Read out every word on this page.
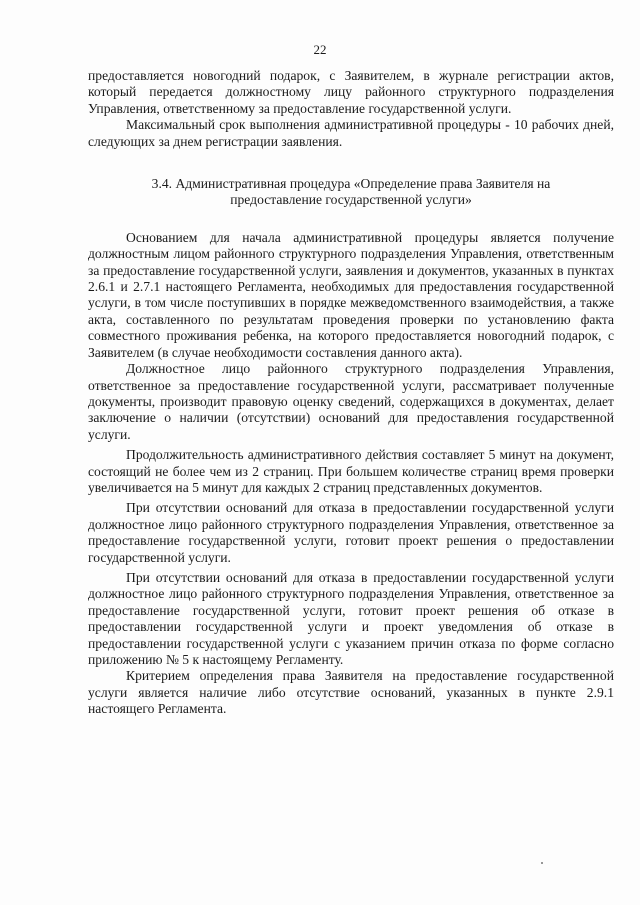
22

предоставляется новогодний подарок, с Заявителем, в журнале регистрации актов, который передается должностному лицу районного структурного подразделения Управления, ответственному за предоставление государственной услуги.

Максимальный срок выполнения административной процедуры - 10 рабочих дней, следующих за днем регистрации заявления.

3.4. Административная процедура «Определение права Заявителя на предоставление государственной услуги»

Основанием для начала административной процедуры является получение должностным лицом районного структурного подразделения Управления, ответственным за предоставление государственной услуги, заявления и документов, указанных в пунктах 2.6.1 и 2.7.1 настоящего Регламента, необходимых для предоставления государственной услуги, в том числе поступивших в порядке межведомственного взаимодействия, а также акта, составленного по результатам проведения проверки по установлению факта совместного проживания ребенка, на которого предоставляется новогодний подарок, с Заявителем (в случае необходимости составления данного акта).

Должностное лицо районного структурного подразделения Управления, ответственное за предоставление государственной услуги, рассматривает полученные документы, производит правовую оценку сведений, содержащихся в документах, делает заключение о наличии (отсутствии) оснований для предоставления государственной услуги.

Продолжительность административного действия составляет 5 минут на документ, состоящий не более чем из 2 страниц. При большем количестве страниц время проверки увеличивается на 5 минут для каждых 2 страниц представленных документов.

При отсутствии оснований для отказа в предоставлении государственной услуги должностное лицо районного структурного подразделения Управления, ответственное за предоставление государственной услуги, готовит проект решения о предоставлении государственной услуги.

При отсутствии оснований для отказа в предоставлении государственной услуги должностное лицо районного структурного подразделения Управления, ответственное за предоставление государственной услуги, готовит проект решения об отказе в предоставлении государственной услуги и проект уведомления об отказе в предоставлении государственной услуги с указанием причин отказа по форме согласно приложению № 5 к настоящему Регламенту.

Критерием определения права Заявителя на предоставление государственной услуги является наличие либо отсутствие оснований, указанных в пункте 2.9.1 настоящего Регламента.
